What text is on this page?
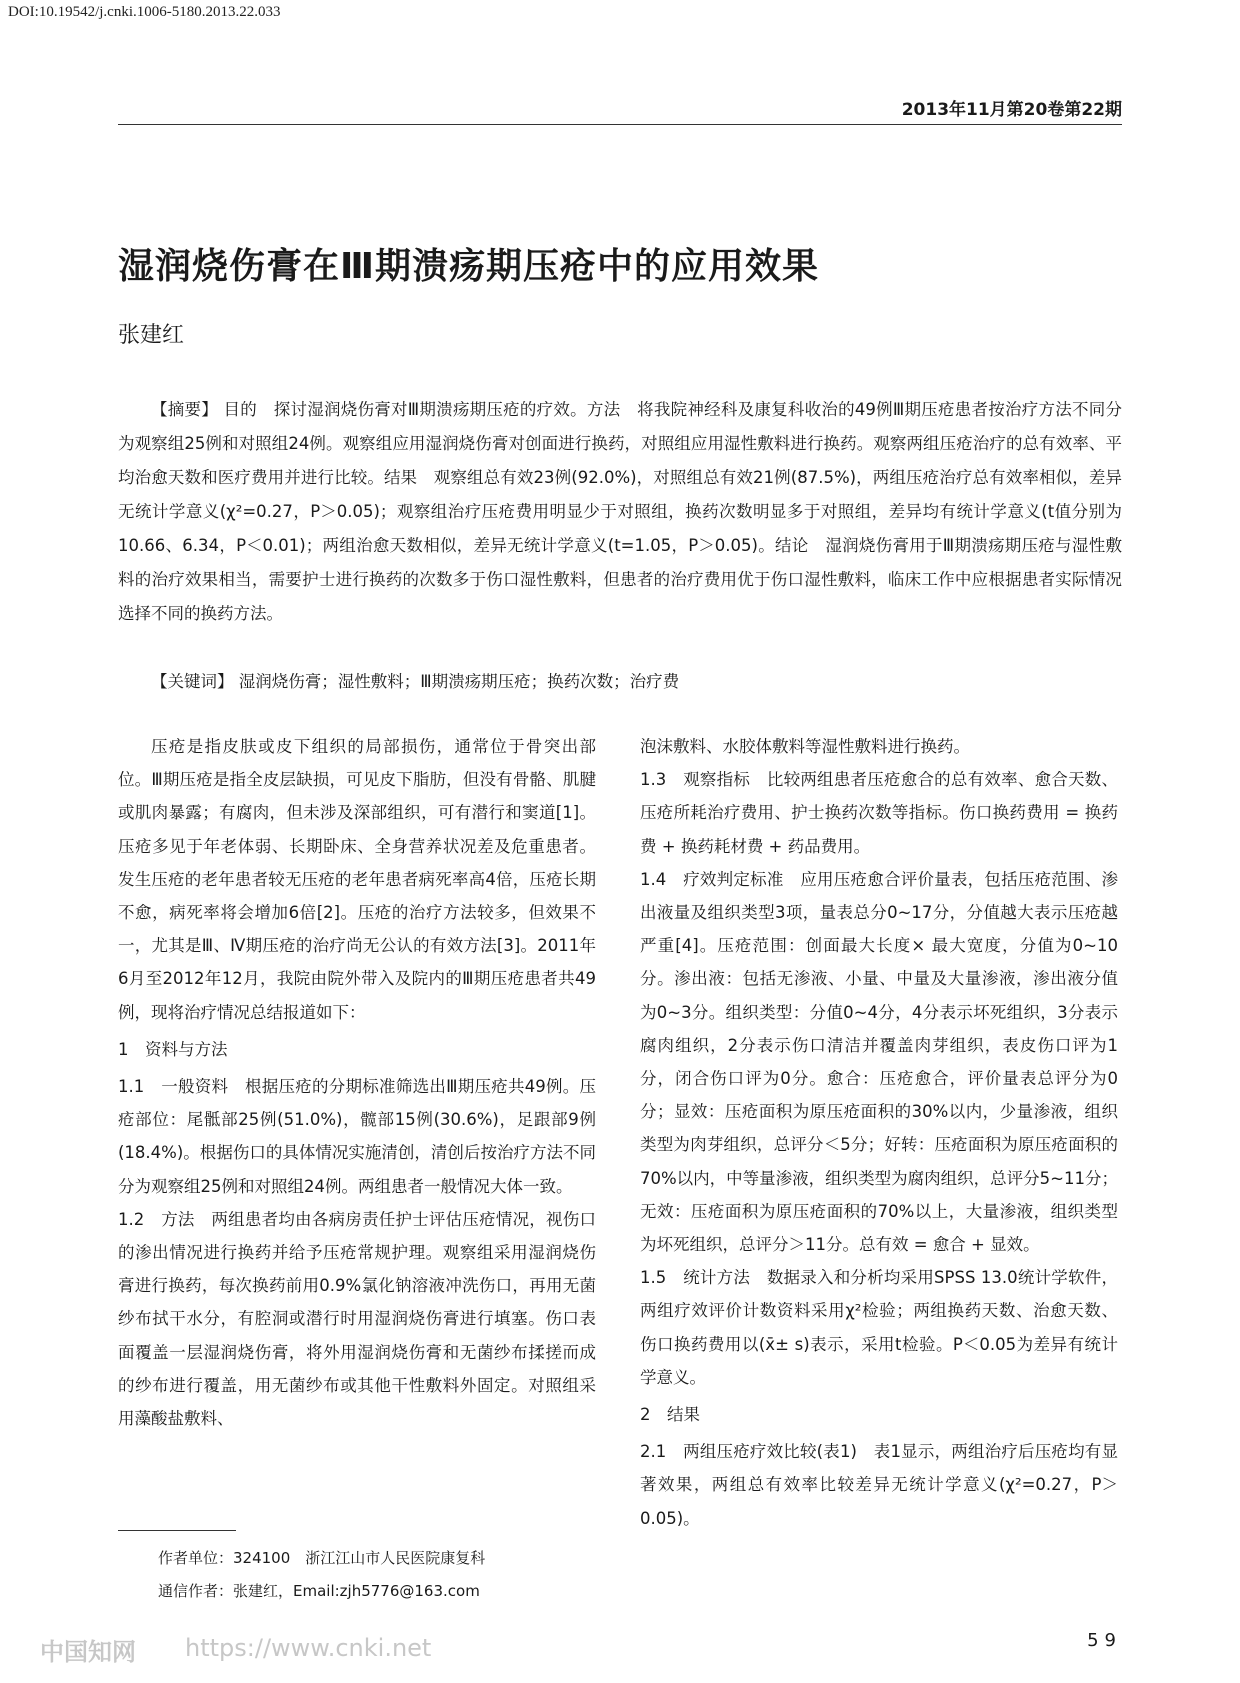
DOI:10.19542/j.cnki.1006-5180.2013.22.033
2013年11月第20卷第22期
湿润烧伤膏在Ⅲ期溃疡期压疮中的应用效果
张建红

【摘要】 目的　探讨湿润烧伤膏对Ⅲ期溃疡期压疮的疗效。方法　将我院神经科及康复科收治的49例Ⅲ期压疮患者按治疗方法不同分为观察组25例和对照组24例。观察组应用湿润烧伤膏对创面进行换药，对照组应用湿性敷料进行换药。观察两组压疮治疗的总有效率、平均治愈天数和医疗费用并进行比较。结果　观察组总有效23例(92.0%)，对照组总有效21例(87.5%)，两组压疮治疗总有效率相似，差异无统计学意义(χ²=0.27，P＞0.05)；观察组治疗压疮费用明显少于对照组，换药次数明显多于对照组，差异均有统计学意义(t值分别为10.66、6.34，P＜0.01)；两组治愈天数相似，差异无统计学意义(t=1.05，P＞0.05)。结论　湿润烧伤膏用于Ⅲ期溃疡期压疮与湿性敷料的治疗效果相当，需要护士进行换药的次数多于伤口湿性敷料，但患者的治疗费用优于伤口湿性敷料，临床工作中应根据患者实际情况选择不同的换药方法。

【关键词】 湿润烧伤膏；湿性敷料；Ⅲ期溃疡期压疮；换药次数；治疗费

压疮是指皮肤或皮下组织的局部损伤，通常位于骨突出部位。Ⅲ期压疮是指全皮层缺损，可见皮下脂肪，但没有骨骼、肌腱或肌肉暴露；有腐肉，但未涉及深部组织，可有潜行和窦道[1]。压疮多见于年老体弱、长期卧床、全身营养状况差及危重患者。发生压疮的老年患者较无压疮的老年患者病死率高4倍，压疮长期不愈，病死率将会增加6倍[2]。压疮的治疗方法较多，但效果不一，尤其是Ⅲ、Ⅳ期压疮的治疗尚无公认的有效方法[3]。2011年6月至2012年12月，我院由院外带入及院内的Ⅲ期压疮患者共49例，现将治疗情况总结报道如下：

1　资料与方法

1.1　一般资料　根据压疮的分期标准筛选出Ⅲ期压疮共49例。压疮部位：尾骶部25例(51.0%)，髋部15例(30.6%)，足跟部9例(18.4%)。根据伤口的具体情况实施清创，清创后按治疗方法不同分为观察组25例和对照组24例。两组患者一般情况大体一致。

1.2　方法　两组患者均由各病房责任护士评估压疮情况，视伤口的渗出情况进行换药并给予压疮常规护理。观察组采用湿润烧伤膏进行换药，每次换药前用0.9%氯化钠溶液冲洗伤口，再用无菌纱布拭干水分，有腔洞或潜行时用湿润烧伤膏进行填塞。伤口表面覆盖一层湿润烧伤膏，将外用湿润烧伤膏和无菌纱布揉搓而成的纱布进行覆盖，用无菌纱布或其他干性敷料外固定。对照组采用藻酸盐敷料、

泡沫敷料、水胶体敷料等湿性敷料进行换药。

1.3　观察指标　比较两组患者压疮愈合的总有效率、愈合天数、压疮所耗治疗费用、护士换药次数等指标。伤口换药费用 = 换药费 + 换药耗材费 + 药品费用。

1.4　疗效判定标准　应用压疮愈合评价量表，包括压疮范围、渗出液量及组织类型3项，量表总分0~17分，分值越大表示压疮越严重[4]。压疮范围：创面最大长度× 最大宽度，分值为0~10分。渗出液：包括无渗液、小量、中量及大量渗液，渗出液分值为0~3分。组织类型：分值0~4分，4分表示坏死组织，3分表示腐肉组织，2分表示伤口清洁并覆盖肉芽组织，表皮伤口评为1分，闭合伤口评为0分。愈合：压疮愈合，评价量表总评分为0分；显效：压疮面积为原压疮面积的30%以内，少量渗液，组织类型为肉芽组织，总评分＜5分；好转：压疮面积为原压疮面积的70%以内，中等量渗液，组织类型为腐肉组织，总评分5~11分；无效：压疮面积为原压疮面积的70%以上，大量渗液，组织类型为坏死组织，总评分＞11分。总有效 = 愈合 + 显效。

1.5　统计方法　数据录入和分析均采用SPSS 13.0统计学软件，两组疗效评价计数资料采用χ²检验；两组换药天数、治愈天数、伤口换药费用以(x̄± s)表示，采用t检验。P＜0.05为差异有统计学意义。

2　结果

2.1　两组压疮疗效比较(表1)　表1显示，两组治疗后压疮均有显著效果，两组总有效率比较差异无统计学意义(χ²=0.27，P＞0.05)。

作者单位：324100　浙江江山市人民医院康复科
通信作者：张建红，Email:zjh5776@163.com
中国知网 https://www.cnki.net	59
